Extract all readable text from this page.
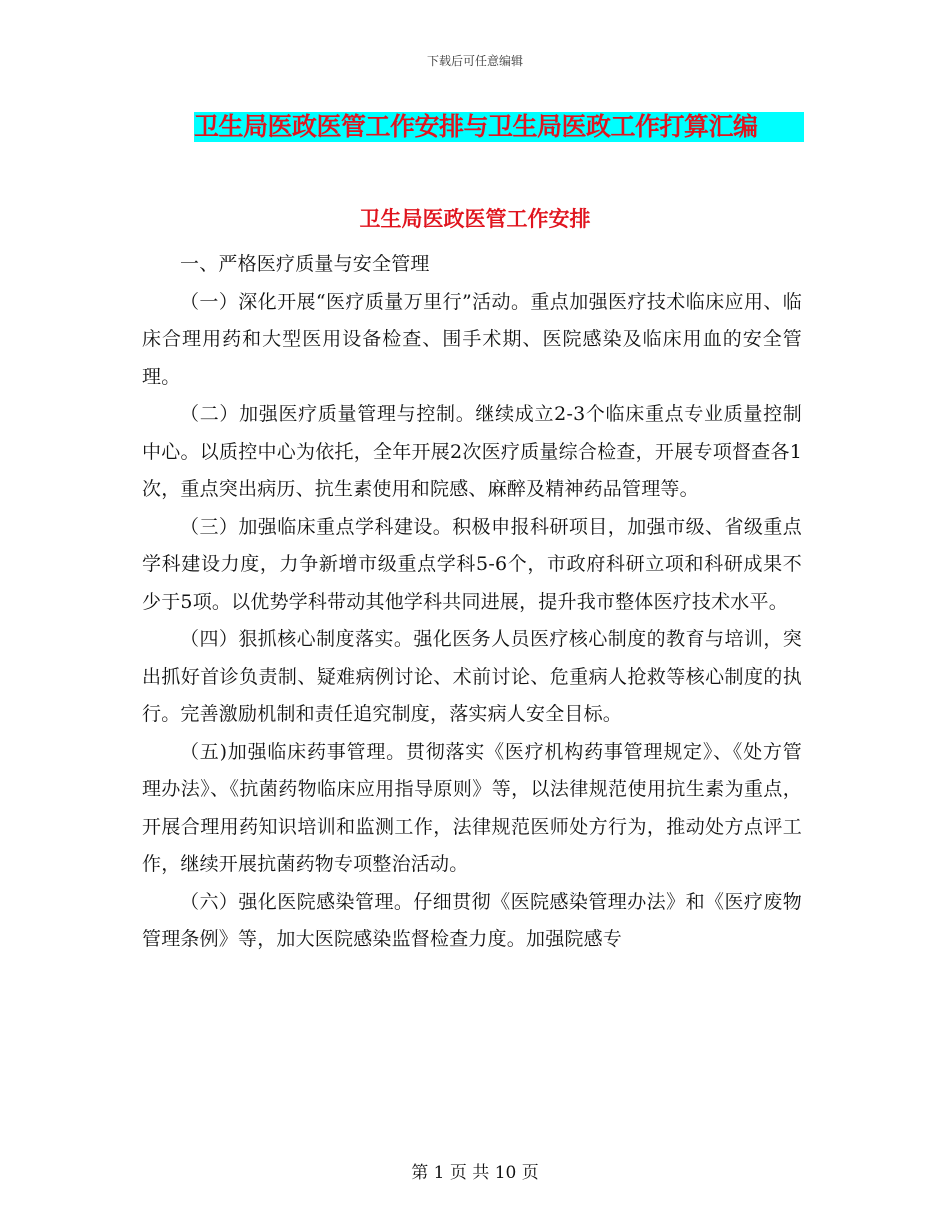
下载后可任意编辑
卫生局医政医管工作安排与卫生局医政工作打算汇编
卫生局医政医管工作安排

一、严格医疗质量与安全管理

（一）深化开展“医疗质量万里行”活动。重点加强医疗技术临床应用、临床合理用药和大型医用设备检查、围手术期、医院感染及临床用血的安全管理。

（二）加强医疗质量管理与控制。继续成立2-3个临床重点专业质量控制中心。以质控中心为依托，全年开展2次医疗质量综合检查，开展专项督查各1次，重点突出病历、抗生素使用和院感、麻醉及精神药品管理等。

（三）加强临床重点学科建设。积极申报科研项目，加强市级、省级重点学科建设力度，力争新增市级重点学科5-6个，市政府科研立项和科研成果不少于5项。以优势学科带动其他学科共同进展，提升我市整体医疗技术水平。

（四）狠抓核心制度落实。强化医务人员医疗核心制度的教育与培训，突出抓好首诊负责制、疑难病例讨论、术前讨论、危重病人抢救等核心制度的执行。完善激励机制和责任追究制度，落实病人安全目标。

（五)加强临床药事管理。贯彻落实《医疗机构药事管理规定》、《处方管理办法》、《抗菌药物临床应用指导原则》等，以法律规范使用抗生素为重点，开展合理用药知识培训和监测工作，法律规范医师处方行为，推动处方点评工作，继续开展抗菌药物专项整治活动。

（六）强化医院感染管理。仔细贯彻《医院感染管理办法》和《医疗废物管理条例》等，加大医院感染监督检查力度。加强院感专

第 1 页 共 10 页
